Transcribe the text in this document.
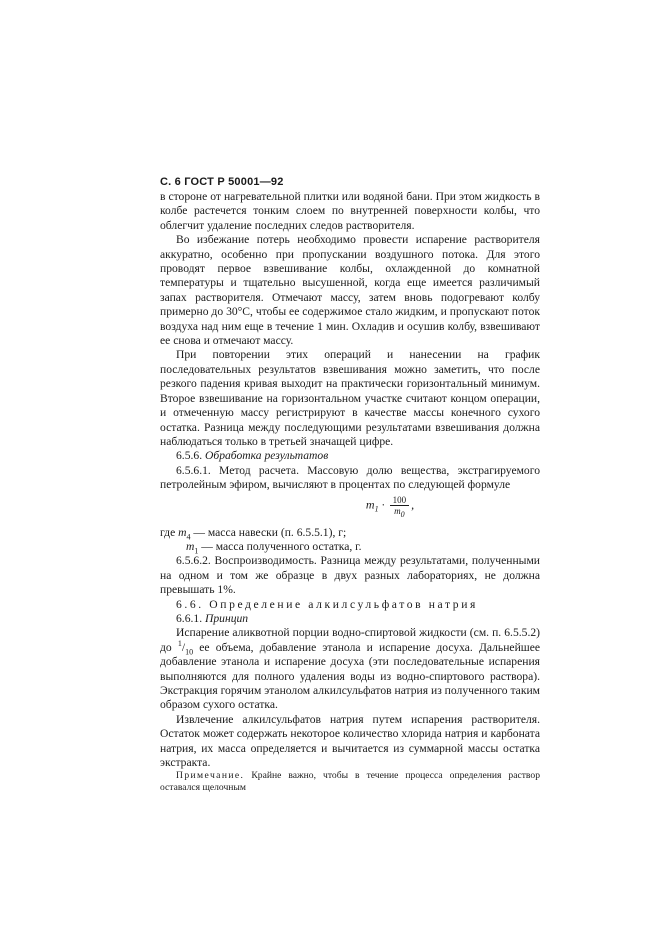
С. 6 ГОСТ Р 50001—92

в стороне от нагревательной плитки или водяной бани. При этом жидкость в колбе растечется тонким слоем по внутренней поверхности колбы, что облегчит удаление последних следов растворителя.

Во избежание потерь необходимо провести испарение растворителя аккуратно, особенно при пропускании воздушного потока. Для этого проводят первое взвешивание колбы, охлажденной до комнатной температуры и тщательно высушенной, когда еще имеется различимый запах растворителя. Отмечают массу, затем вновь подогревают колбу примерно до 30°С, чтобы ее содержимое стало жидким, и пропускают поток воздуха над ним еще в течение 1 мин. Охладив и осушив колбу, взвешивают ее снова и отмечают массу.

При повторении этих операций и нанесении на график последовательных результатов взвешивания можно заметить, что после резкого падения кривая выходит на практически горизонтальный минимум. Второе взвешивание на горизонтальном участке считают концом операции, и отмеченную массу регистрируют в качестве массы конечного сухого остатка. Разница между последующими результатами взвешивания должна наблюдаться только в третьей значащей цифре.

6.5.6. Обработка результатов

6.5.6.1. Метод расчета. Массовую долю вещества, экстрагируемого петролейным эфиром, вычисляют в процентах по следующей формуле

$m_1 \cdot \frac{100}{m0}$ ,

где $m_4$ — масса навески (п. 6.5.5.1), г;

$m_1$ — масса полученного остатка, г.

6.5.6.2. Воспроизводимость. Разница между результатами, полученными на одном и том же образце в двух разных лабораториях, не должна превышать 1%.

6.6. Определение алкилсульфатов натрия

6.6.1. Принцип

Испарение аликвотной порции водно-спиртовой жидкости (см. п. 6.5.5.2) до $^1/_{10}$ ее объема, добавление этанола и испарение досуха. Дальнейшее добавление этанола и испарение досуха (эти последовательные испарения выполняются для полного удаления воды из водно-спиртового раствора). Экстракция горячим этанолом алкилсульфатов натрия из полученного таким образом сухого остатка.

Извлечение алкилсульфатов натрия путем испарения растворителя. Остаток может содержать некоторое количество хлорида натрия и карбоната натрия, их масса определяется и вычитается из суммарной массы остатка экстракта.

Примечание. Крайне важно, чтобы в течение процесса определения раствор оставался щелочным
